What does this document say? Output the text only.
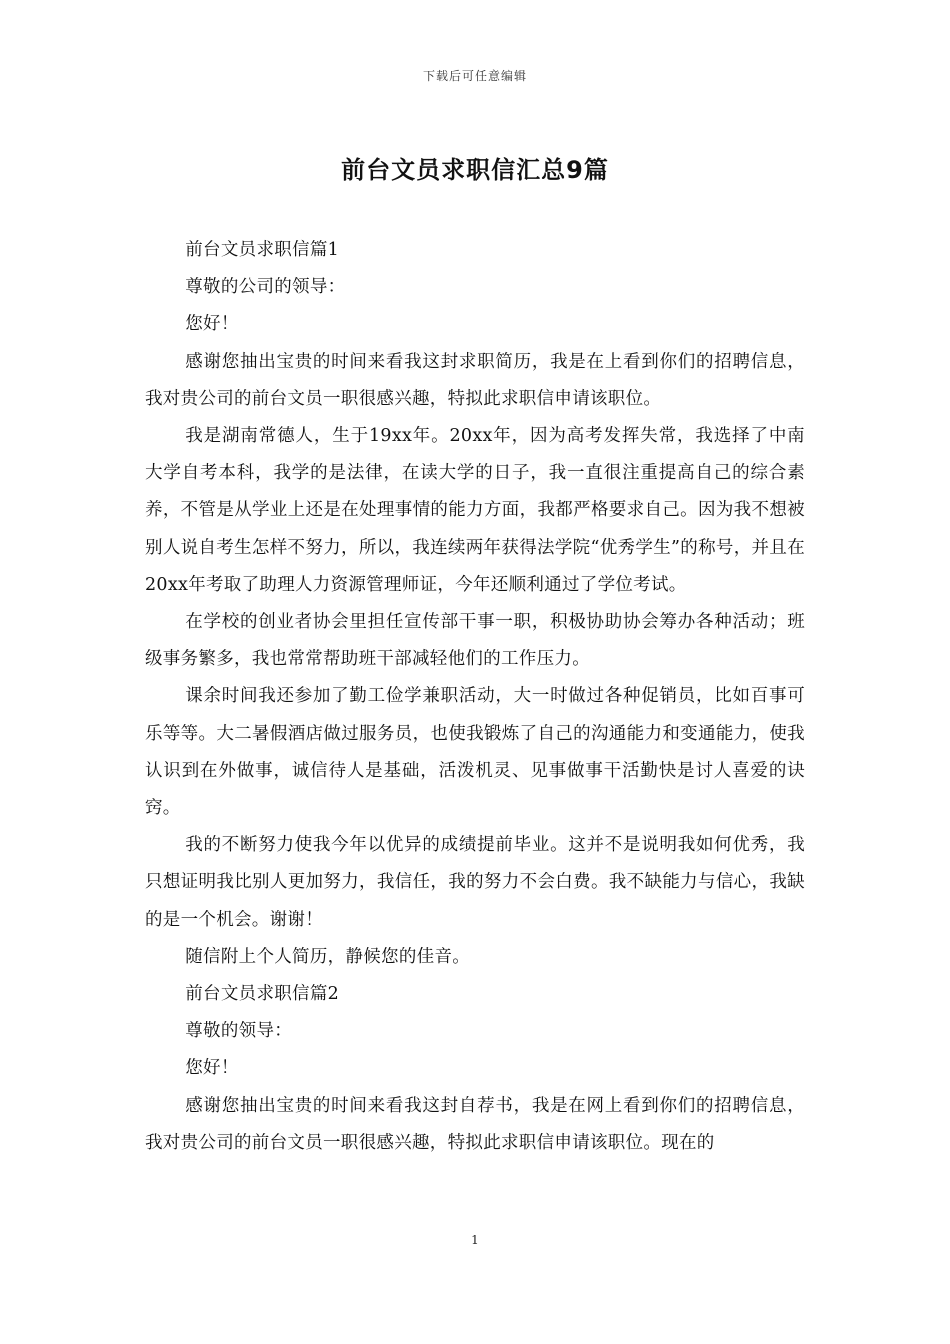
下载后可任意编辑
前台文员求职信汇总9篇

前台文员求职信篇1

尊敬的公司的领导：

您好！

感谢您抽出宝贵的时间来看我这封求职简历，我是在上看到你们的招聘信息，我对贵公司的前台文员一职很感兴趣，特拟此求职信申请该职位。

我是湖南常德人，生于19xx年。20xx年，因为高考发挥失常，我选择了中南大学自考本科，我学的是法律，在读大学的日子，我一直很注重提高自己的综合素养，不管是从学业上还是在处理事情的能力方面，我都严格要求自己。因为我不想被别人说自考生怎样不努力，所以，我连续两年获得法学院“优秀学生”的称号，并且在20xx年考取了助理人力资源管理师证，今年还顺利通过了学位考试。

在学校的创业者协会里担任宣传部干事一职，积极协助协会筹办各种活动；班级事务繁多，我也常常帮助班干部减轻他们的工作压力。

课余时间我还参加了勤工俭学兼职活动，大一时做过各种促销员，比如百事可乐等等。大二暑假酒店做过服务员，也使我锻炼了自己的沟通能力和变通能力，使我认识到在外做事，诚信待人是基础，活泼机灵、见事做事干活勤快是讨人喜爱的诀窍。

我的不断努力使我今年以优异的成绩提前毕业。这并不是说明我如何优秀，我只想证明我比别人更加努力，我信任，我的努力不会白费。我不缺能力与信心，我缺的是一个机会。谢谢！

随信附上个人简历，静候您的佳音。

前台文员求职信篇2

尊敬的领导：

您好！

感谢您抽出宝贵的时间来看我这封自荐书，我是在网上看到你们的招聘信息，我对贵公司的前台文员一职很感兴趣，特拟此求职信申请该职位。现在的

1
